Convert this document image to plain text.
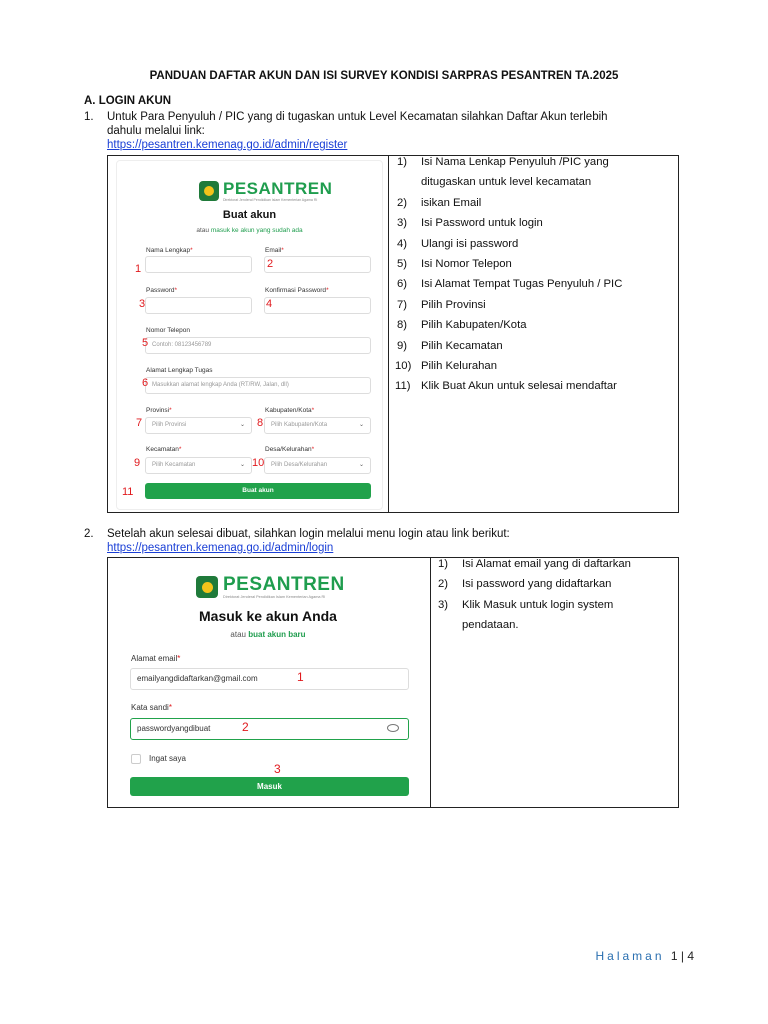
PANDUAN DAFTAR AKUN DAN ISI SURVEY KONDISI SARPRAS PESANTREN TA.2025
A. LOGIN AKUN
1. Untuk Para Penyuluh / PIC yang di tugaskan untuk Level Kecamatan silahkan Daftar Akun terlebih
dahulu melalui link:
https://pesantren.kemenag.go.id/admin/register
PESANTREN
Direktorat Jenderal Pendidikan Islam Kementerian Agama RI
Buat akun
atau masuk ke akun yang sudah ada
Nama Lengkap*	Email*
1	2
Password*	Konfirmasi Password*
3	4
Nomor Telepon
Contoh: 08123456789
5
Alamat Lengkap Tugas
Masukkan alamat lengkap Anda (RT/RW, Jalan, dll)
6
Provinsi*	Kabupaten/Kota*
Pilih Provinsi	⌄	Pilih Kabupaten/Kota	⌄
7	8
Kecamatan*	Desa/Kelurahan*
Pilih Kecamatan	⌄	Pilih Desa/Kelurahan	⌄
9	10
Buat akun
11
1) Isi Nama Lenkap Penyuluh /PIC yang
ditugaskan untuk level kecamatan
2) isikan Email
3) Isi Password untuk login
4) Ulangi isi password
5) Isi Nomor Telepon
6) Isi Alamat Tempat Tugas Penyuluh / PIC
7) Pilih Provinsi
8) Pilih Kabupaten/Kota
9) Pilih Kecamatan
10) Pilih Kelurahan
11) Klik Buat Akun untuk selesai mendaftar
2. Setelah akun selesai dibuat, silahkan login melalui menu login atau link berikut:
https://pesantren.kemenag.go.id/admin/login
PESANTREN
Direktorat Jenderal Pendidikan Islam Kementerian Agama RI
Masuk ke akun Anda
atau buat akun baru
Alamat email*
emailyangdidaftarkan@gmail.com	1
Kata sandi*
passwordyangdibuat	2
Ingat saya
3
Masuk
1) Isi Alamat email yang di daftarkan
2) Isi password yang didaftarkan
3) Klik Masuk untuk login system
pendataan.
Halaman 1 | 4
